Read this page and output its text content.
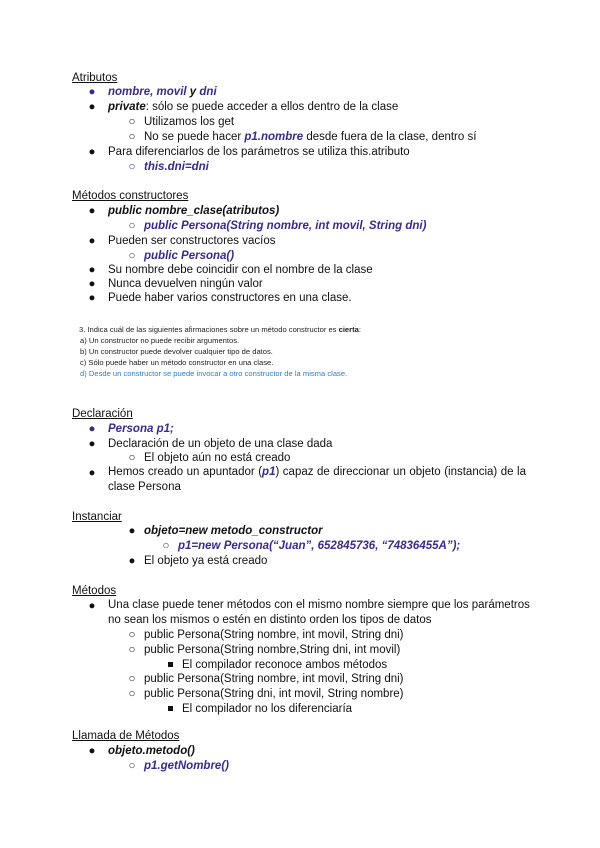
Atributos
● nombre, movil y dni
● private: sólo se puede acceder a ellos dentro de la clase
○ Utilizamos los get
○ No se puede hacer p1.nombre desde fuera de la clase, dentro sí
● Para diferenciarlos de los parámetros se utiliza this.atributo
○ this.dni=dni
Métodos constructores
● public nombre_clase(atributos)
○ public Persona(String nombre, int movil, String dni)
● Pueden ser constructores vacíos
○ public Persona()
● Su nombre debe coincidir con el nombre de la clase
● Nunca devuelven ningún valor
● Puede haber varios constructores en una clase.
3. Indica cuál de las siguientes afirmaciones sobre un método constructor es cierta:
a) Un constructor no puede recibir argumentos.
b) Un constructor puede devolver cualquier tipo de datos.
c) Sólo puede haber un método constructor en una clase.
d) Desde un constructor se puede invocar a otro constructor de la misma clase.
Declaración
● Persona p1;
● Declaración de un objeto de una clase dada
○ El objeto aún no está creado
● Hemos creado un apuntador (p1) capaz de direccionar un objeto (instancia) de la clase Persona
Instanciar
● objeto=new metodo_constructor
○ p1=new Persona(“Juan”, 652845736, “74836455A”);
● El objeto ya está creado
Métodos
● Una clase puede tener métodos con el mismo nombre siempre que los parámetros no sean los mismos o estén en distinto orden los tipos de datos
○ public Persona(String nombre, int movil, String dni)
○ public Persona(String nombre,String dni, int movil)
El compilador reconoce ambos métodos
○ public Persona(String nombre, int movil, String dni)
○ public Persona(String dni, int movil, String nombre)
El compilador no los diferenciaría
Llamada de Métodos
● objeto.metodo()
○ p1.getNombre()
